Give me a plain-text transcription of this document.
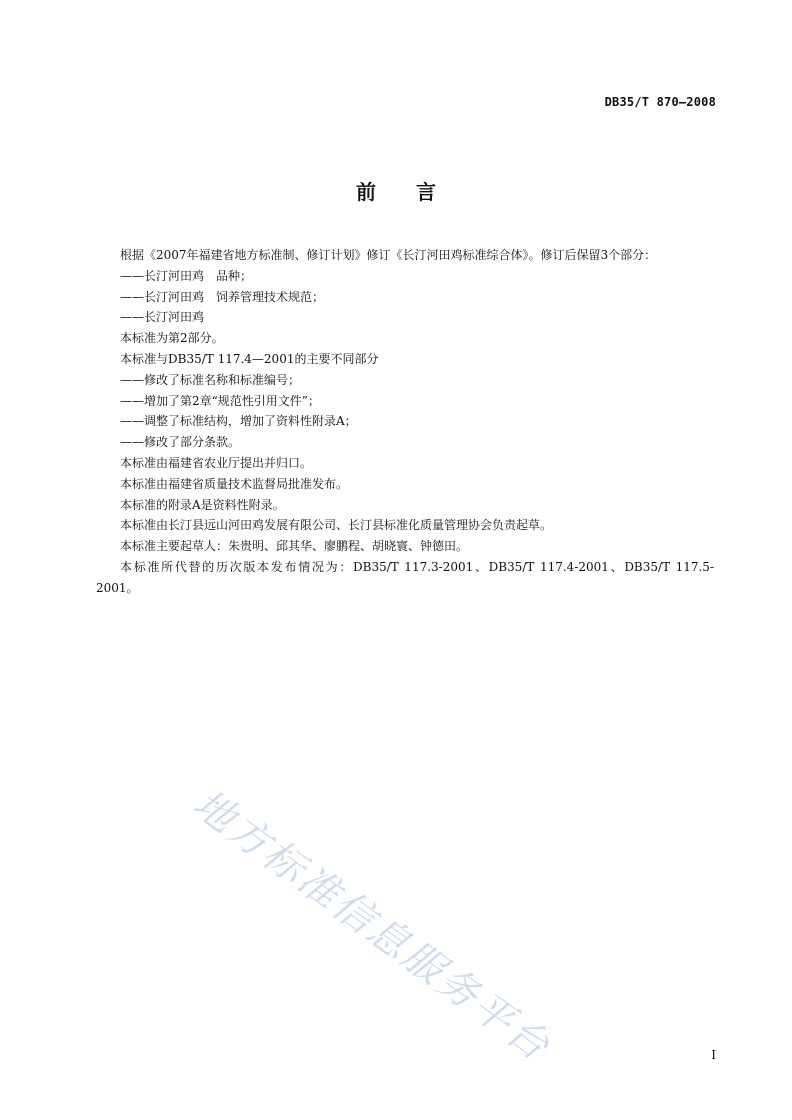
DB35/T 870—2008
前 言

根据《2007年福建省地方标准制、修订计划》修订《长汀河田鸡标准综合体》。修订后保留3个部分：

——长汀河田鸡　品种；

——长汀河田鸡　饲养管理技术规范；

——长汀河田鸡

本标准为第2部分。

本标准与DB35/T 117.4—2001的主要不同部分

——修改了标准名称和标准编号；

——增加了第2章“规范性引用文件”；

——调整了标准结构，增加了资料性附录A；

——修改了部分条款。

本标准由福建省农业厅提出并归口。

本标准由福建省质量技术监督局批准发布。

本标准的附录A是资料性附录。

本标准由长汀县远山河田鸡发展有限公司、长汀县标准化质量管理协会负责起草。

本标准主要起草人：朱贵明、邱其华、廖鹏程、胡晓寰、钟德田。

本标准所代替的历次版本发布情况为：DB35/T 117.3-2001、DB35/T 117.4-2001、DB35/T 117.5-2001。

地方标准信息服务平台	I
